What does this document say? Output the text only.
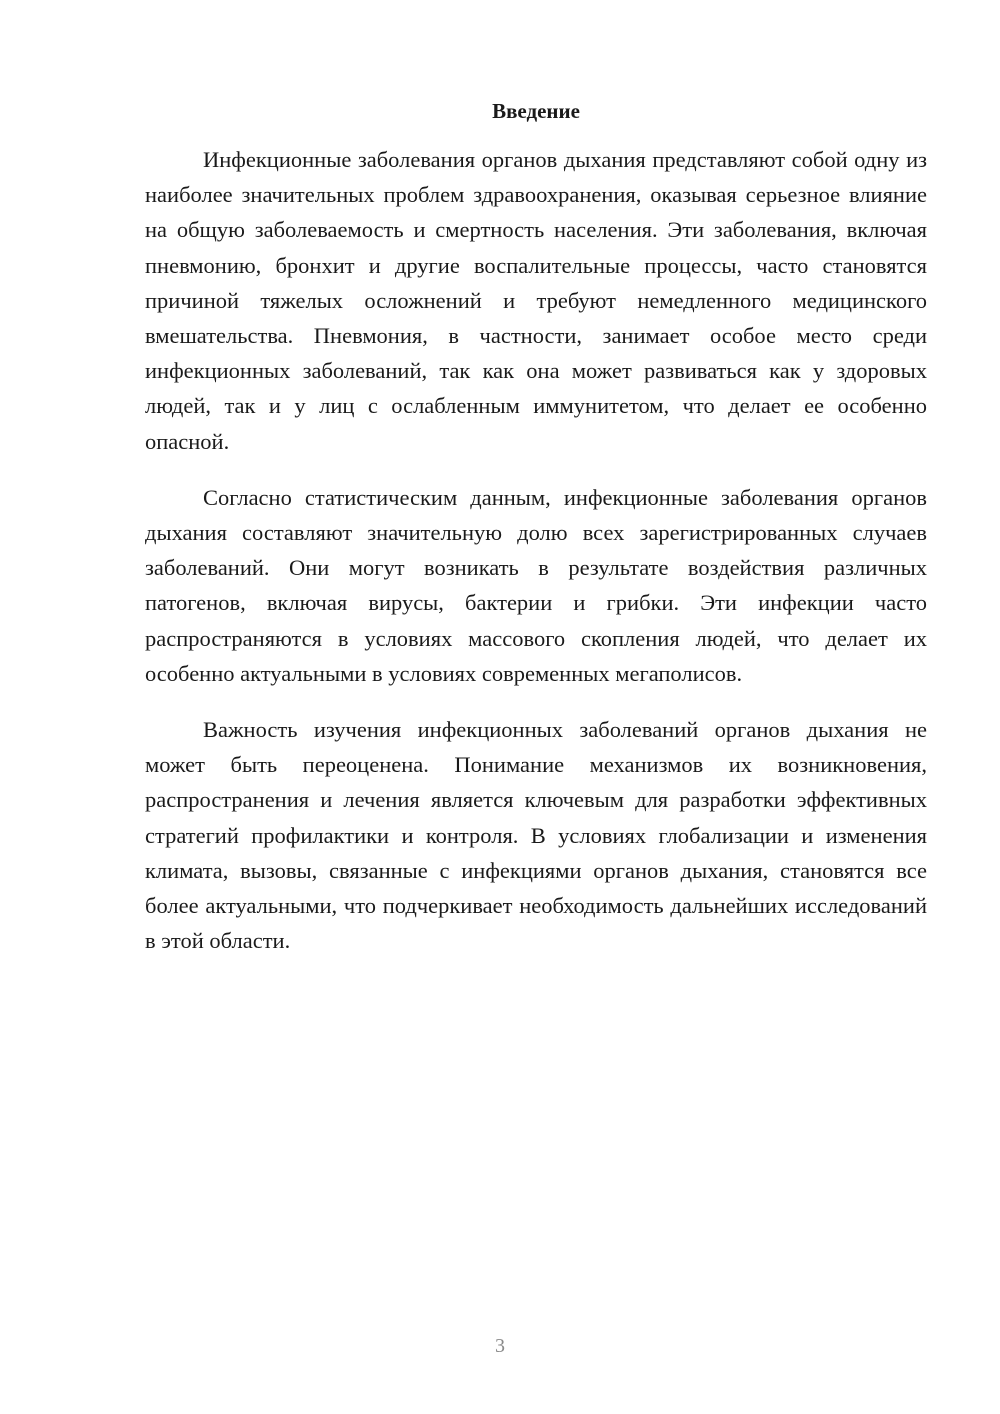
Введение

Инфекционные заболевания органов дыхания представляют собой одну из наиболее значительных проблем здравоохранения, оказывая серьезное влияние на общую заболеваемость и смертность населения. Эти заболевания, включая пневмонию, бронхит и другие воспалительные процессы, часто становятся причиной тяжелых осложнений и требуют немедленного медицинского вмешательства. Пневмония, в частности, занимает особое место среди инфекционных заболеваний, так как она может развиваться как у здоровых людей, так и у лиц с ослабленным иммунитетом, что делает ее особенно опасной.

Согласно статистическим данным, инфекционные заболевания органов дыхания составляют значительную долю всех зарегистрированных случаев заболеваний. Они могут возникать в результате воздействия различных патогенов, включая вирусы, бактерии и грибки. Эти инфекции часто распространяются в условиях массового скопления людей, что делает их особенно актуальными в условиях современных мегаполисов.

Важность изучения инфекционных заболеваний органов дыхания не может быть переоценена. Понимание механизмов их возникновения, распространения и лечения является ключевым для разработки эффективных стратегий профилактики и контроля. В условиях глобализации и изменения климата, вызовы, связанные с инфекциями органов дыхания, становятся все более актуальными, что подчеркивает необходимость дальнейших исследований в этой области.

3
